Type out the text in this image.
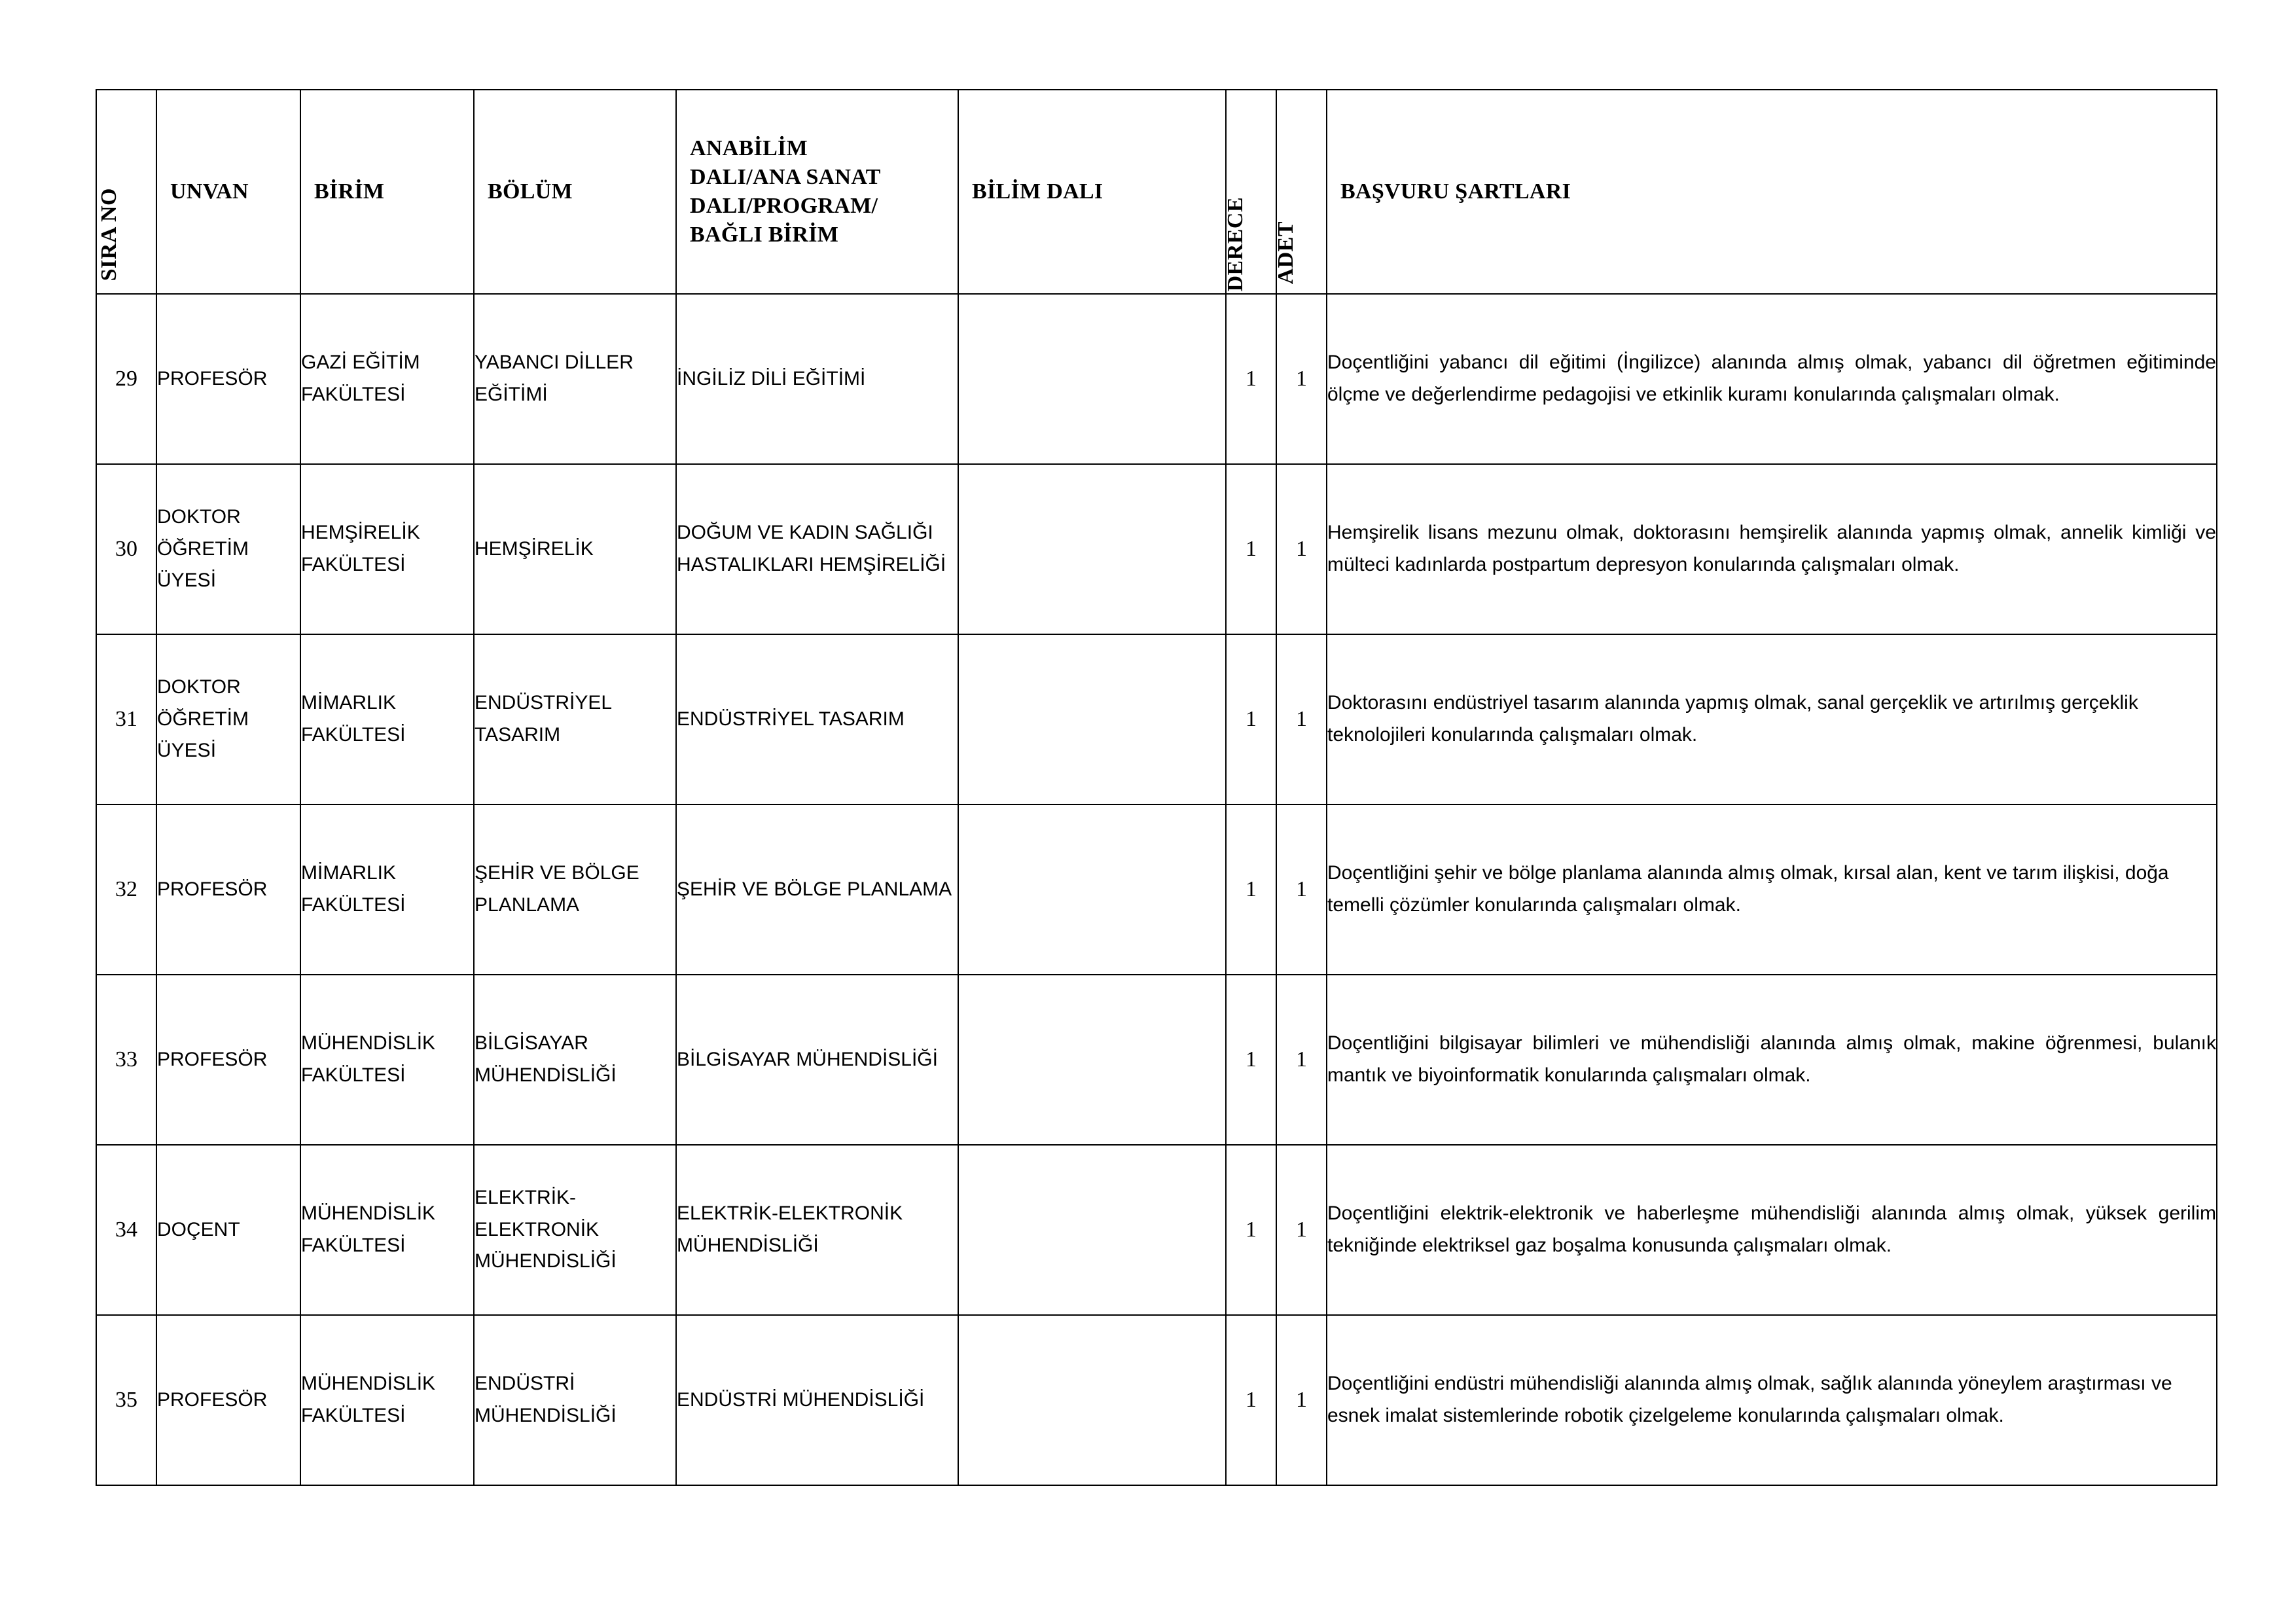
SIRA NO	UNVAN	BİRİM	BÖLÜM	ANABİLİM
DALI/ANA SANAT
DALI/PROGRAM/
BAĞLI BİRİM	BİLİM DALI	DERECE	ADET	BAŞVURU ŞARTLARI

29	PROFESÖR	GAZİ EĞİTİM FAKÜLTESİ	YABANCI DİLLER EĞİTİMİ	İNGİLİZ DİLİ EĞİTİMİ		1	1	Doçentliğini yabancı dil eğitimi (İngilizce) alanında almış olmak, yabancı dil öğretmen eğitiminde ölçme ve değerlendirme pedagojisi ve etkinlik kuramı konularında çalışmaları olmak.
30	DOKTOR ÖĞRETİM ÜYESİ	HEMŞİRELİK FAKÜLTESİ	HEMŞİRELİK	DOĞUM VE KADIN SAĞLIĞI HASTALIKLARI HEMŞİRELİĞİ		1	1	Hemşirelik lisans mezunu olmak, doktorasını hemşirelik alanında yapmış olmak, annelik kimliği ve mülteci kadınlarda postpartum depresyon konularında çalışmaları olmak.
31	DOKTOR ÖĞRETİM ÜYESİ	MİMARLIK FAKÜLTESİ	ENDÜSTRİYEL TASARIM	ENDÜSTRİYEL TASARIM		1	1	Doktorasını endüstriyel tasarım alanında yapmış olmak, sanal gerçeklik ve artırılmış gerçeklik teknolojileri konularında çalışmaları olmak.
32	PROFESÖR	MİMARLIK FAKÜLTESİ	ŞEHİR VE BÖLGE PLANLAMA	ŞEHİR VE BÖLGE PLANLAMA		1	1	Doçentliğini şehir ve bölge planlama alanında almış olmak, kırsal alan, kent ve tarım ilişkisi, doğa temelli çözümler konularında çalışmaları olmak.
33	PROFESÖR	MÜHENDİSLİK FAKÜLTESİ	BİLGİSAYAR MÜHENDİSLİĞİ	BİLGİSAYAR MÜHENDİSLİĞİ		1	1	Doçentliğini bilgisayar bilimleri ve mühendisliği alanında almış olmak, makine öğrenmesi, bulanık mantık ve biyoinformatik konularında çalışmaları olmak.
34	DOÇENT	MÜHENDİSLİK FAKÜLTESİ	ELEKTRİK-ELEKTRONİK MÜHENDİSLİĞİ	ELEKTRİK-ELEKTRONİK MÜHENDİSLİĞİ		1	1	Doçentliğini elektrik-elektronik ve haberleşme mühendisliği alanında almış olmak, yüksek gerilim tekniğinde elektriksel gaz boşalma konusunda çalışmaları olmak.
35	PROFESÖR	MÜHENDİSLİK FAKÜLTESİ	ENDÜSTRİ MÜHENDİSLİĞİ	ENDÜSTRİ MÜHENDİSLİĞİ		1	1	Doçentliğini endüstri mühendisliği alanında almış olmak, sağlık alanında yöneylem araştırması ve esnek imalat sistemlerinde robotik çizelgeleme konularında çalışmaları olmak.
